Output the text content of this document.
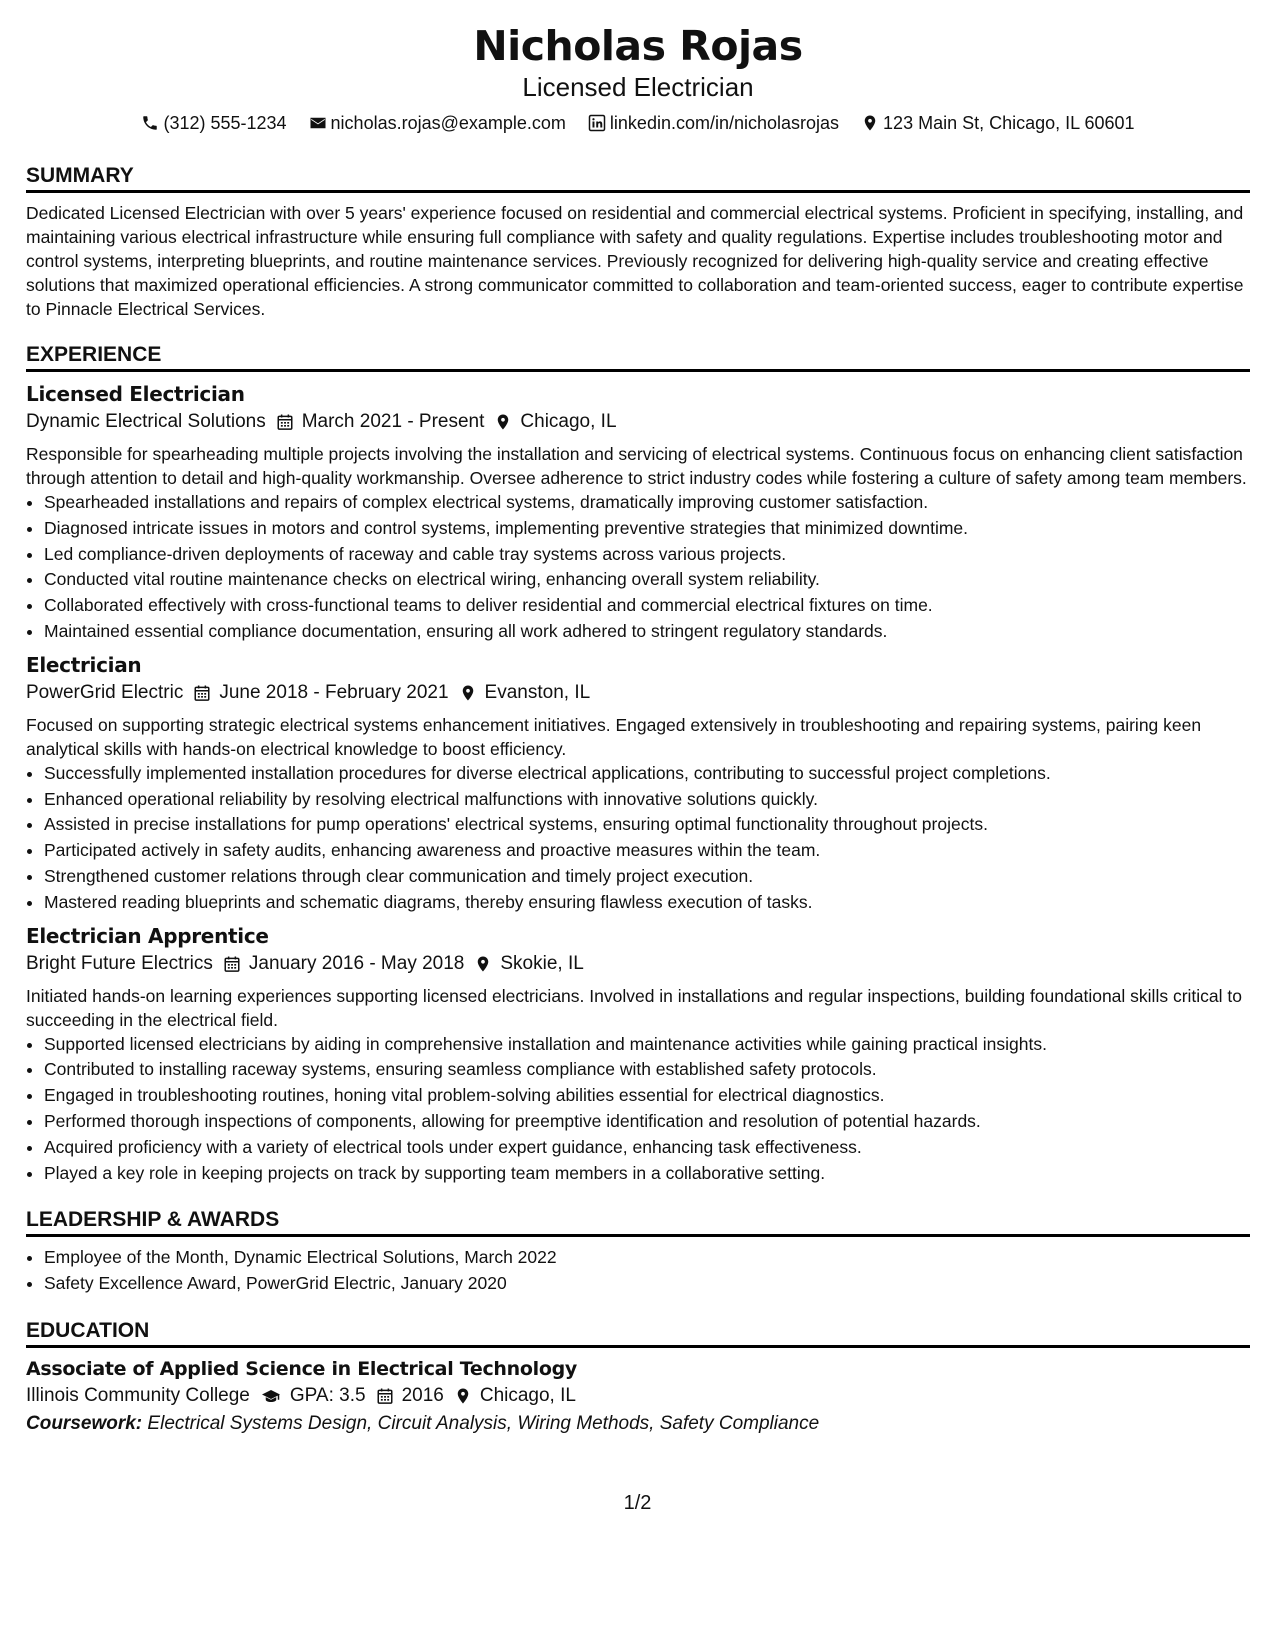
Nicholas Rojas
Licensed Electrician
(312) 555-1234 nicholas.rojas@example.com linkedin.com/in/nicholasrojas 123 Main St, Chicago, IL 60601
SUMMARY

Dedicated Licensed Electrician with over 5 years' experience focused on residential and commercial electrical systems. Proficient in specifying, installing, and maintaining various electrical infrastructure while ensuring full compliance with safety and quality regulations. Expertise includes troubleshooting motor and control systems, interpreting blueprints, and routine maintenance services. Previously recognized for delivering high-quality service and creating effective solutions that maximized operational efficiencies. A strong communicator committed to collaboration and team-oriented success, eager to contribute expertise to Pinnacle Electrical Services.

EXPERIENCE
Licensed Electrician
Dynamic Electrical Solutions March 2021 - Present Chicago, IL

Responsible for spearheading multiple projects involving the installation and servicing of electrical systems. Continuous focus on enhancing client satisfaction through attention to detail and high-quality workmanship. Oversee adherence to strict industry codes while fostering a culture of safety among team members.

• Spearheaded installations and repairs of complex electrical systems, dramatically improving customer satisfaction.
• Diagnosed intricate issues in motors and control systems, implementing preventive strategies that minimized downtime.
• Led compliance-driven deployments of raceway and cable tray systems across various projects.
• Conducted vital routine maintenance checks on electrical wiring, enhancing overall system reliability.
• Collaborated effectively with cross-functional teams to deliver residential and commercial electrical fixtures on time.
• Maintained essential compliance documentation, ensuring all work adhered to stringent regulatory standards.
Electrician
PowerGrid Electric June 2018 - February 2021 Evanston, IL

Focused on supporting strategic electrical systems enhancement initiatives. Engaged extensively in troubleshooting and repairing systems, pairing keen analytical skills with hands-on electrical knowledge to boost efficiency.

• Successfully implemented installation procedures for diverse electrical applications, contributing to successful project completions.
• Enhanced operational reliability by resolving electrical malfunctions with innovative solutions quickly.
• Assisted in precise installations for pump operations' electrical systems, ensuring optimal functionality throughout projects.
• Participated actively in safety audits, enhancing awareness and proactive measures within the team.
• Strengthened customer relations through clear communication and timely project execution.
• Mastered reading blueprints and schematic diagrams, thereby ensuring flawless execution of tasks.
Electrician Apprentice
Bright Future Electrics January 2016 - May 2018 Skokie, IL

Initiated hands-on learning experiences supporting licensed electricians. Involved in installations and regular inspections, building foundational skills critical to succeeding in the electrical field.

• Supported licensed electricians by aiding in comprehensive installation and maintenance activities while gaining practical insights.
• Contributed to installing raceway systems, ensuring seamless compliance with established safety protocols.
• Engaged in troubleshooting routines, honing vital problem-solving abilities essential for electrical diagnostics.
• Performed thorough inspections of components, allowing for preemptive identification and resolution of potential hazards.
• Acquired proficiency with a variety of electrical tools under expert guidance, enhancing task effectiveness.
• Played a key role in keeping projects on track by supporting team members in a collaborative setting.
LEADERSHIP & AWARDS
• Employee of the Month, Dynamic Electrical Solutions, March 2022
• Safety Excellence Award, PowerGrid Electric, January 2020
EDUCATION
Associate of Applied Science in Electrical Technology
Illinois Community College GPA: 3.5 2016 Chicago, IL
Coursework: Electrical Systems Design, Circuit Analysis, Wiring Methods, Safety Compliance
1/2
